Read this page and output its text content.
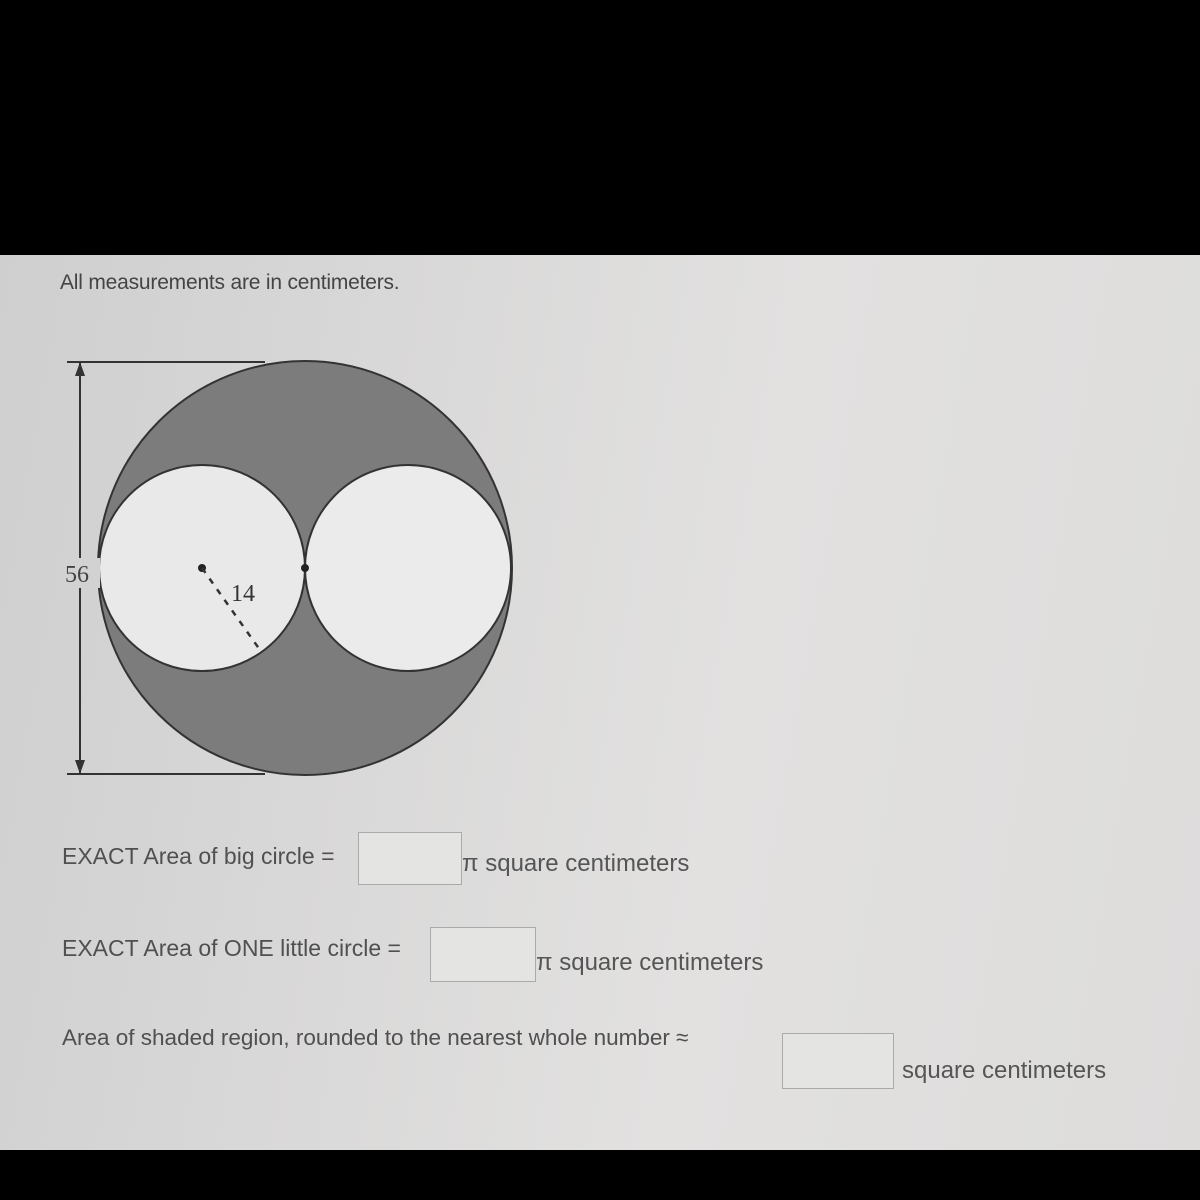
All measurements are in centimeters.
56
14
EXACT Area of big circle =	π square centimeters
EXACT Area of ONE little circle =
π square centimeters
Area of shaded region, rounded to the nearest whole number ≈
square centimeters
